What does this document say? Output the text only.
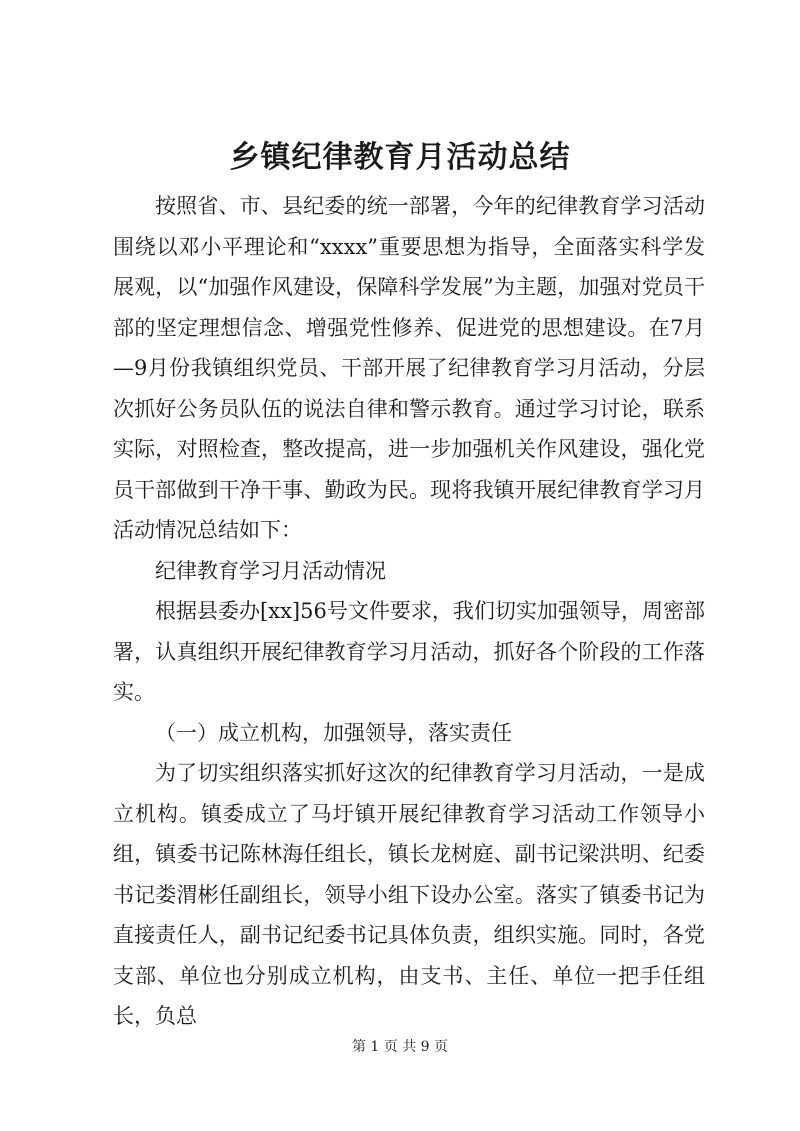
乡镇纪律教育月活动总结

按照省、市、县纪委的统一部署，今年的纪律教育学习活动围绕以邓小平理论和“xxxx”重要思想为指导，全面落实科学发展观，以“加强作风建设，保障科学发展”为主题，加强对党员干部的坚定理想信念、增强党性修养、促进党的思想建设。在7月—9月份我镇组织党员、干部开展了纪律教育学习月活动，分层次抓好公务员队伍的说法自律和警示教育。通过学习讨论，联系实际，对照检查，整改提高，进一步加强机关作风建设，强化党员干部做到干净干事、勤政为民。现将我镇开展纪律教育学习月活动情况总结如下：

纪律教育学习月活动情况

根据县委办[xx]56号文件要求，我们切实加强领导，周密部署，认真组织开展纪律教育学习月活动，抓好各个阶段的工作落实。

（一）成立机构，加强领导，落实责任

为了切实组织落实抓好这次的纪律教育学习月活动，一是成立机构。镇委成立了马圩镇开展纪律教育学习活动工作领导小组，镇委书记陈林海任组长，镇长龙树庭、副书记梁洪明、纪委书记娄渭彬任副组长，领导小组下设办公室。落实了镇委书记为直接责任人，副书记纪委书记具体负责，组织实施。同时，各党支部、单位也分别成立机构，由支书、主任、单位一把手任组长，负总

第 1 页 共 9 页
